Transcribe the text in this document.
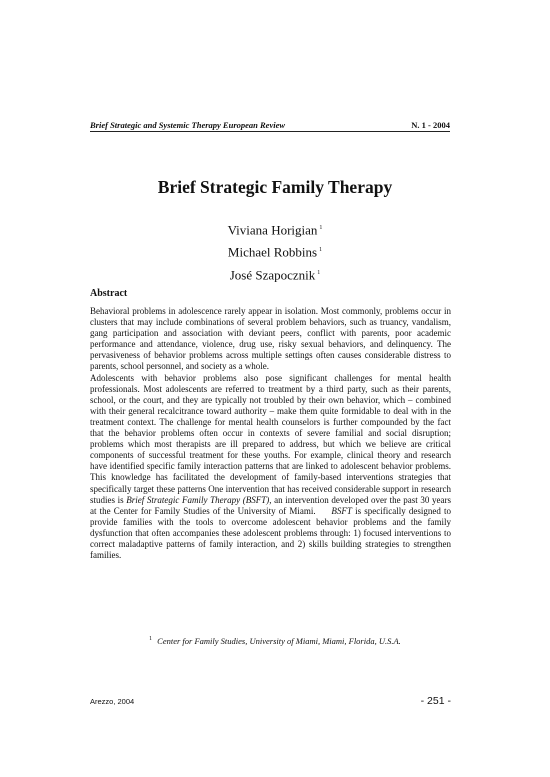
Brief Strategic and Systemic Therapy European Review	N. 1 - 2004
Brief Strategic Family Therapy
Viviana Horigian $^1$
Michael Robbins $^1$
José Szapocznik $^1$
Abstract

Behavioral problems in adolescence rarely appear in isolation. Most commonly, problems occur in clusters that may include combinations of several problem behaviors, such as truancy, vandalism, gang participation and association with deviant peers, conflict with parents, poor academic performance and attendance, violence, drug use, risky sexual behaviors, and delinquency. The pervasiveness of behavior problems across multiple settings often causes considerable distress to parents, school personnel, and society as a whole.

Adolescents with behavior problems also pose significant challenges for mental health professionals. Most adolescents are referred to treatment by a third party, such as their parents, school, or the court, and they are typically not troubled by their own behavior, which – combined with their general recalcitrance toward authority – make them quite formidable to deal with in the treatment context. The challenge for mental health counselors is further compounded by the fact that the behavior problems often occur in contexts of severe familial and social disruption; problems which most therapists are ill prepared to address, but which we believe are critical components of successful treatment for these youths. For example, clinical theory and research have identified specific family interaction patterns that are linked to adolescent behavior problems. This knowledge has facilitated the development of family-based interventions strategies that specifically target these patterns One intervention that has received considerable support in research studies is Brief Strategic Family Therapy (BSFT), an intervention developed over the past 30 years at the Center for Family Studies of the University of Miami. BSFT is specifically designed to provide families with the tools to overcome adolescent behavior problems and the family dysfunction that often accompanies these adolescent problems through: 1) focused interventions to correct maladaptive patterns of family interaction, and 2) skills building strategies to strengthen families.

$^1$ Center for Family Studies, University of Miami, Miami, Florida, U.S.A.
Arezzo, 2004	- 251 -
